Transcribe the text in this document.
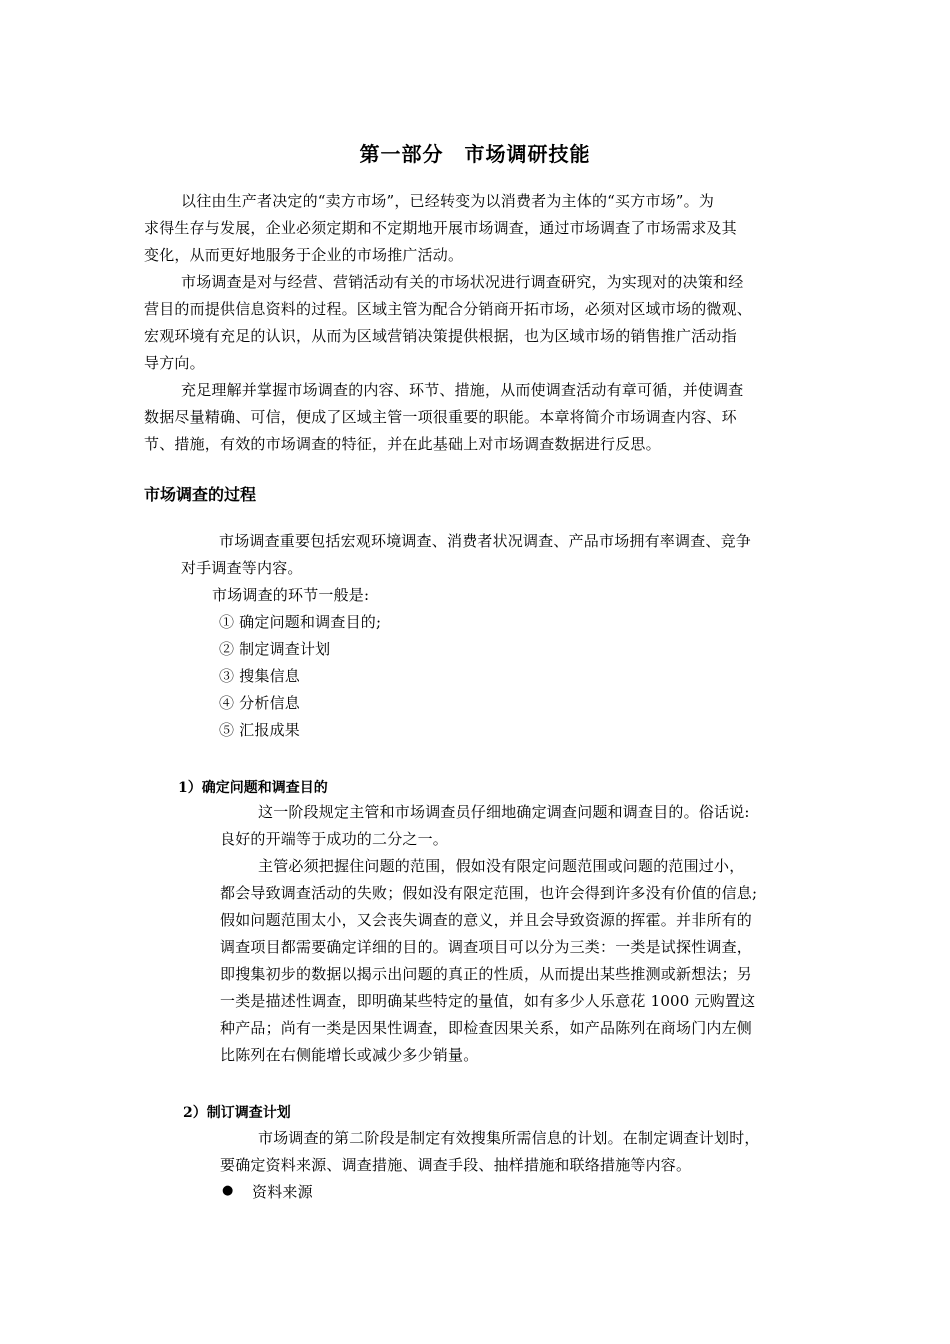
第一部分　市场调研技能
以往由生产者决定的“卖方市场”，已经转变为以消费者为主体的“买方市场”。为
求得生存与发展，企业必须定期和不定期地开展市场调查，通过市场调查了市场需求及其
变化，从而更好地服务于企业的市场推广活动。
市场调查是对与经营、营销活动有关的市场状况进行调查研究，为实现对的决策和经
营目的而提供信息资料的过程。区域主管为配合分销商开拓市场，必须对区域市场的微观、
宏观环境有充足的认识，从而为区域营销决策提供根据，也为区域市场的销售推广活动指
导方向。
充足理解并掌握市场调查的内容、环节、措施，从而使调查活动有章可循，并使调查
数据尽量精确、可信，便成了区域主管一项很重要的职能。本章将简介市场调查内容、环
节、措施，有效的市场调查的特征，并在此基础上对市场调查数据进行反思。
市场调查的过程
市场调查重要包括宏观环境调查、消费者状况调查、产品市场拥有率调查、竞争
对手调查等内容。
市场调查的环节一般是:
① 确定问题和调查目的;
② 制定调查计划
③ 搜集信息
④ 分析信息
⑤ 汇报成果
1）确定问题和调查目的
这一阶段规定主管和市场调查员仔细地确定调查问题和调查目的。俗话说:
良好的开端等于成功的二分之一。
主管必须把握住问题的范围，假如没有限定问题范围或问题的范围过小，
都会导致调查活动的失败；假如没有限定范围，也许会得到许多没有价值的信息;
假如问题范围太小，又会丧失调查的意义，并且会导致资源的挥霍。并非所有的
调查项目都需要确定详细的目的。调查项目可以分为三类：一类是试探性调查，
即搜集初步的数据以揭示出问题的真正的性质，从而提出某些推测或新想法；另
一类是描述性调查，即明确某些特定的量值，如有多少人乐意花 1000 元购置这
种产品；尚有一类是因果性调查，即检查因果关系，如产品陈列在商场门内左侧
比陈列在右侧能增长或减少多少销量。
2）制订调查计划
市场调查的第二阶段是制定有效搜集所需信息的计划。在制定调查计划时，
要确定资料来源、调查措施、调查手段、抽样措施和联络措施等内容。
● 资料来源
